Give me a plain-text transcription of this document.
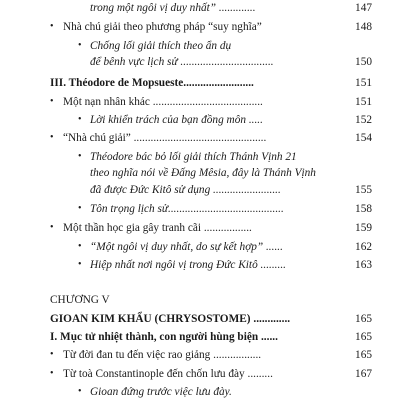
trong một ngôi vị duy nhất” .............	147
• Nhà chú giải theo phương pháp “suy nghĩa”	148
• Chống lối giải thích theo ẩn dụ
để bênh vực lịch sử .................................	150
III. Théodore de Mopsueste.........................	151
• Một nạn nhân khác .......................................	151
• Lời khiển trách của bạn đồng môn .....	152
• “Nhà chú giải” ...............................................	154
• Théodore bác bỏ lối giải thích Thánh Vịnh 21
theo nghĩa nói về Đấng Mêsia, đây là Thánh Vịnh
đã được Đức Kitô sử dụng ........................	155
• Tôn trọng lịch sử.........................................	158
• Một thần học gia gây tranh cãi .................	159
• “Một ngôi vị duy nhất, do sự kết hợp” ......	162
• Hiệp nhất nơi ngôi vị trong Đức Kitô .........	163
CHƯƠNG V
GIOAN KIM KHẨU (CHRYSOSTOME) .............	165
I. Mục tử nhiệt thành, con người hùng biện ......	165
• Từ đời đan tu đến việc rao giảng .................	165
• Từ toà Constantinople đến chốn lưu đày .........	167
• Gioan đứng trước việc lưu đày.
